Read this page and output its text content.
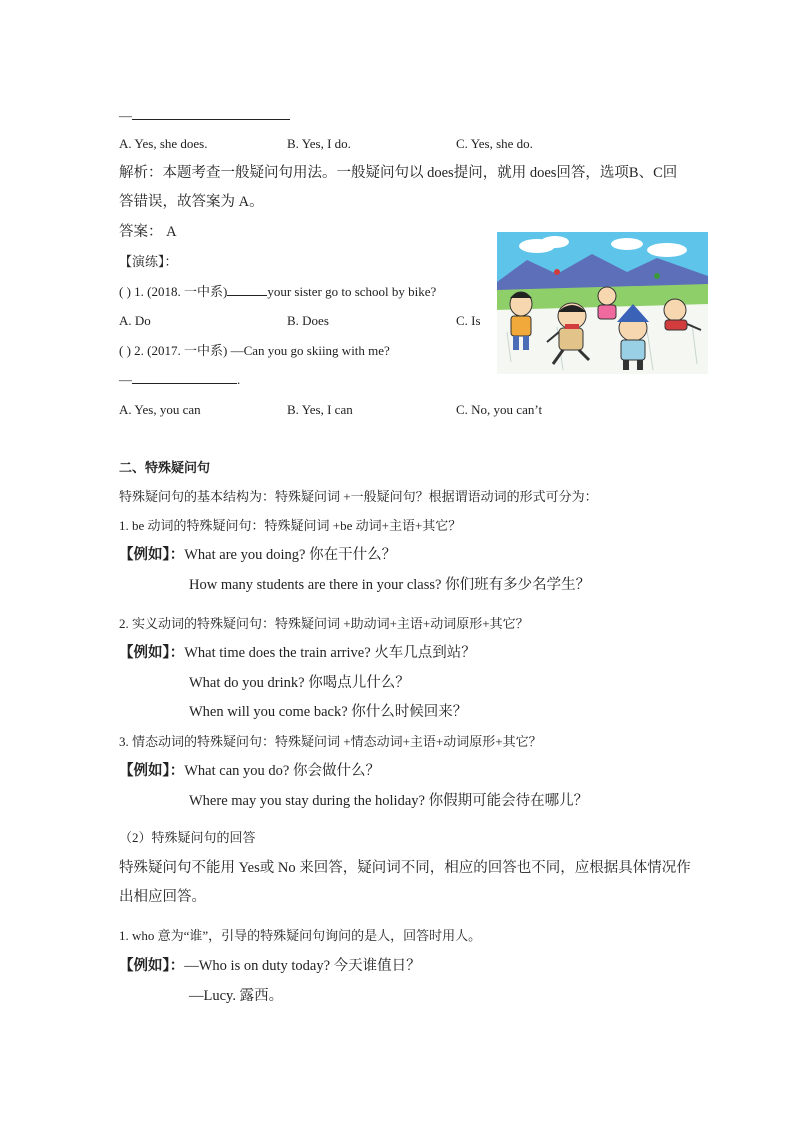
—
A. Yes, she does.	B. Yes, I do.	C. Yes, she do.
解析：本题考查一般疑问句用法。一般疑问句以 does提问，就用 does回答，选项B、C回
答错误，故答案为 A。
答案： A
【演练】：
( ) 1. (2018. 一中系)	your sister go to school by bike?
A. Do	B. Does	C. Is
( ) 2. (2017. 一中系) —Can you go skiing with me?
—	.
A. Yes, you can	B. Yes, I can	C. No, you can’t
二、特殊疑问句
特殊疑问句的基本结构为：特殊疑问词 +一般疑问句？根据谓语动词的形式可分为：
1. be 动词的特殊疑问句：特殊疑问词 +be 动词+主语+其它？
【例如】：What are you doing? 你在干什么？
How many students are there in your class? 你们班有多少名学生？
2. 实义动词的特殊疑问句：特殊疑问词 +助动词+主语+动词原形+其它？
【例如】：What time does the train arrive? 火车几点到站？
What do you drink? 你喝点儿什么？
When will you come back? 你什么时候回来？
3. 情态动词的特殊疑问句：特殊疑问词 +情态动词+主语+动词原形+其它？
【例如】：What can you do? 你会做什么？
Where may you stay during the holiday? 你假期可能会待在哪儿？
（2）特殊疑问句的回答
特殊疑问句不能用 Yes或 No 来回答，疑问词不同，相应的回答也不同，应根据具体情况作
出相应回答。
1. who 意为“谁”，引导的特殊疑问句询问的是人，回答时用人。
【例如】：—Who is on duty today? 今天谁值日？
—Lucy. 露西。
